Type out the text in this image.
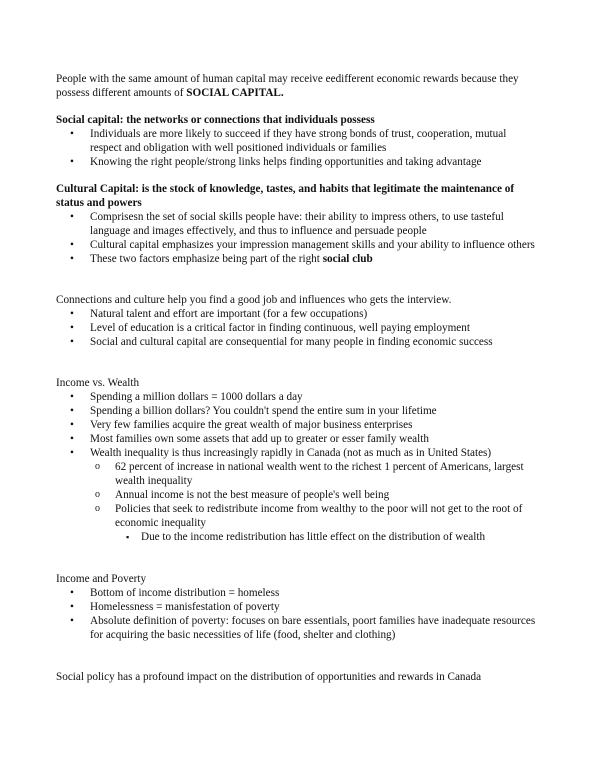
People with the same amount of human capital may receive eedifferent economic rewards because they possess different amounts of SOCIAL CAPITAL.

Social capital: the networks or connections that individuals possess

• Individuals are more likely to succeed if they have strong bonds of trust, cooperation, mutual respect and obligation with well positioned individuals or families
• Knowing the right people/strong links helps finding opportunities and taking advantage

Cultural Capital: is the stock of knowledge, tastes, and habits that legitimate the maintenance of status and powers

• Comprisesn the set of social skills people have: their ability to impress others, to use tasteful language and images effectively, and thus to influence and persuade people
• Cultural capital emphasizes your impression management skills and your ability to influence others
• These two factors emphasize being part of the right social club

Connections and culture help you find a good job and influences who gets the interview.

• Natural talent and effort are important (for a few occupations)
• Level of education is a critical factor in finding continuous, well paying employment
• Social and cultural capital are consequential for many people in finding economic success

Income vs. Wealth

• Spending a million dollars = 1000 dollars a day
• Spending a billion dollars? You couldn't spend the entire sum in your lifetime
• Very few families acquire the great wealth of major business enterprises
• Most families own some assets that add up to greater or esser family wealth
• Wealth inequality is thus increasingly rapidly in Canada (not as much as in United States)
o 62 percent of increase in national wealth went to the richest 1 percent of Americans, largest wealth inequality
o Annual income is not the best measure of people's well being
o Policies that seek to redistribute income from wealthy to the poor will not get to the root of economic inequality
▪ Due to the income redistribution has little effect on the distribution of wealth

Income and Poverty

• Bottom of income distribution = homeless
• Homelessness = manisfestation of poverty
• Absolute definition of poverty: focuses on bare essentials, poort families have inadequate resources for acquiring the basic necessities of life (food, shelter and clothing)

Social policy has a profound impact on the distribution of opportunities and rewards in Canada
